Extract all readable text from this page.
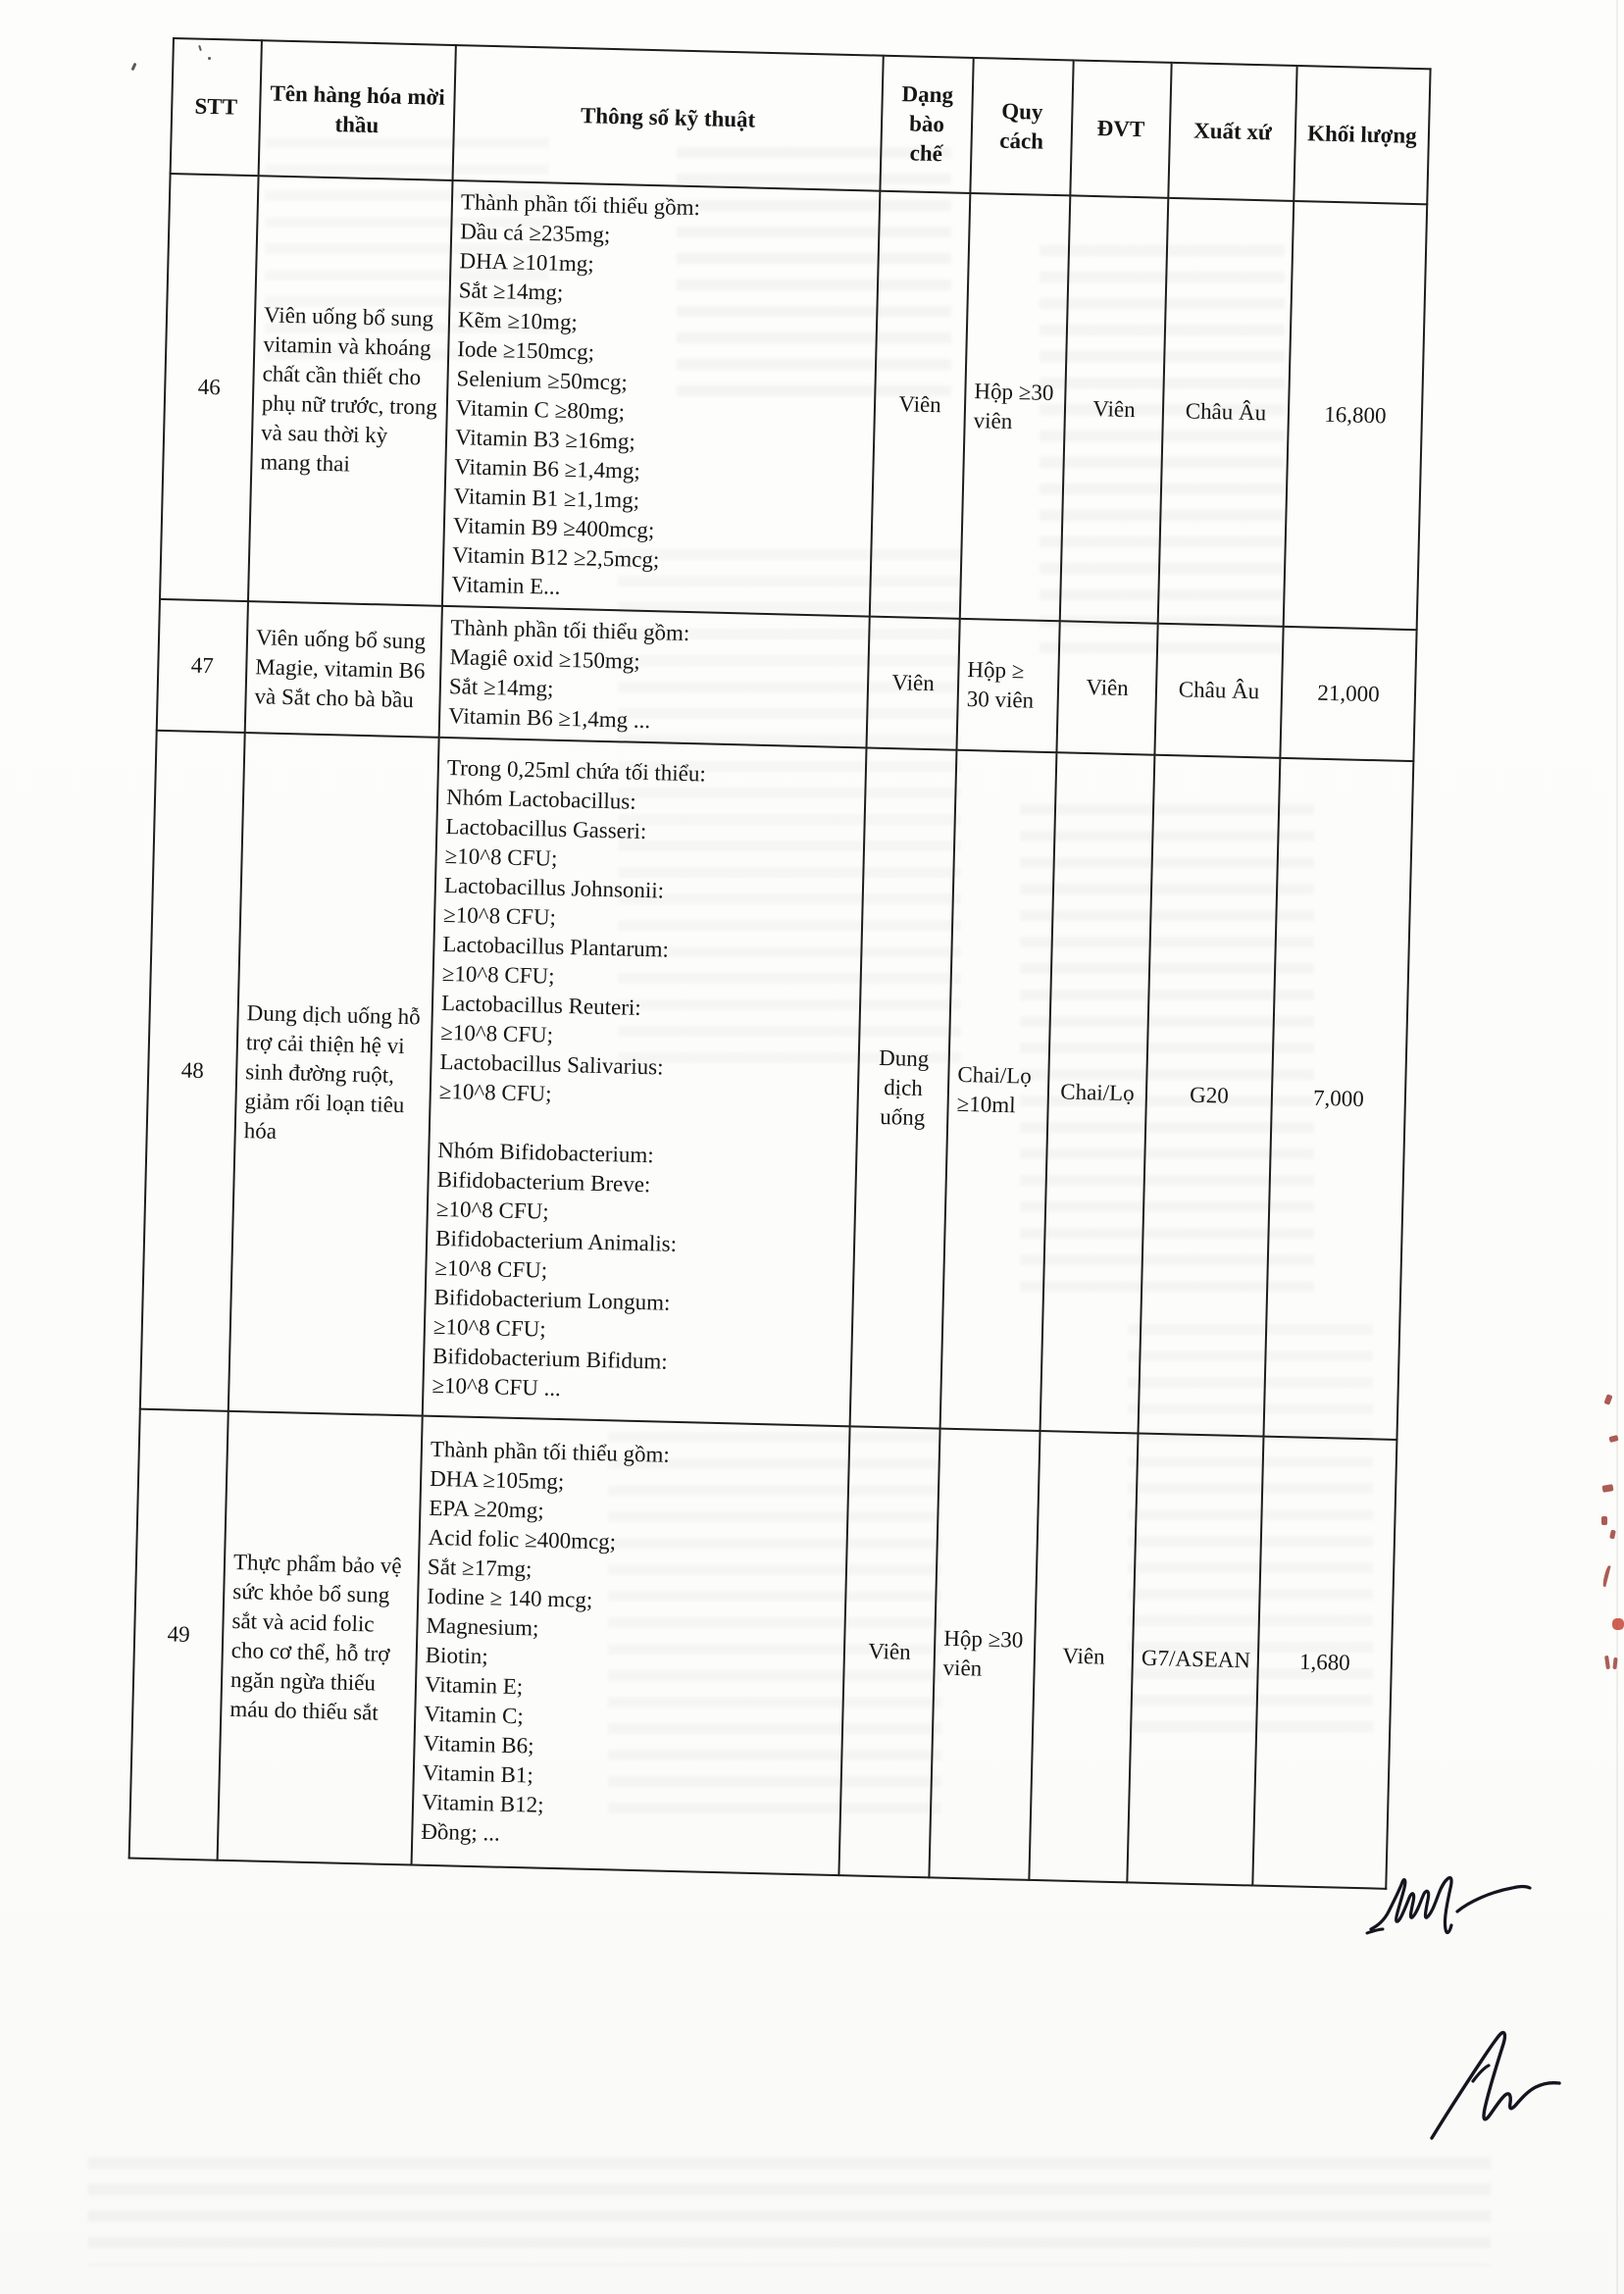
STT	Tên hàng hóa mời thầu	Thông số kỹ thuật	Dạng bào chế	Quy cách	ĐVT	Xuất xứ	Khối lượng
46	Viên uống bổ sung vitamin và khoáng chất cần thiết cho phụ nữ trước, trong và sau thời kỳ mang thai	Thành phần tối thiểu gồm:
Dầu cá ≥235mg;
DHA ≥101mg;
Sắt ≥14mg;
Kẽm ≥10mg;
Iode ≥150mcg;
Selenium ≥50mcg;
Vitamin C ≥80mg;
Vitamin B3 ≥16mg;
Vitamin B6 ≥1,4mg;
Vitamin B1 ≥1,1mg;
Vitamin B9 ≥400mcg;
Vitamin B12 ≥2,5mcg;
Vitamin E...	Viên	Hộp ≥30 viên	Viên	Châu Âu	16,800
47	Viên uống bổ sung Magie, vitamin B6 và Sắt cho bà bầu	Thành phần tối thiểu gồm:
Magiê oxid ≥150mg;
Sắt ≥14mg;
Vitamin B6 ≥1,4mg ...	Viên	Hộp ≥ 30 viên	Viên	Châu Âu	21,000
48	Dung dịch uống hỗ trợ cải thiện hệ vi sinh đường ruột, giảm rối loạn tiêu hóa	Trong 0,25ml chứa tối thiểu:
Nhóm Lactobacillus:
Lactobacillus Gasseri:
≥10^8 CFU;
Lactobacillus Johnsonii:
≥10^8 CFU;
Lactobacillus Plantarum:
≥10^8 CFU;
Lactobacillus Reuteri:
≥10^8 CFU;
Lactobacillus Salivarius:
≥10^8 CFU;

Nhóm Bifidobacterium:
Bifidobacterium Breve:
≥10^8 CFU;
Bifidobacterium Animalis:
≥10^8 CFU;
Bifidobacterium Longum:
≥10^8 CFU;
Bifidobacterium Bifidum:
≥10^8 CFU ...	Dung dịch uống	Chai/Lọ ≥10ml	Chai/Lọ	G20	7,000
49	Thực phẩm bảo vệ sức khỏe bổ sung sắt và acid folic cho cơ thể, hỗ trợ ngăn ngừa thiếu máu do thiếu sắt	Thành phần tối thiểu gồm:
DHA ≥105mg;
EPA ≥20mg;
Acid folic ≥400mcg;
Sắt ≥17mg;
Iodine ≥ 140 mcg;
Magnesium;
Biotin;
Vitamin E;
Vitamin C;
Vitamin B6;
Vitamin B1;
Vitamin B12;
Đồng; ...	Viên	Hộp ≥30 viên	Viên	G7/ASEAN	1,680
